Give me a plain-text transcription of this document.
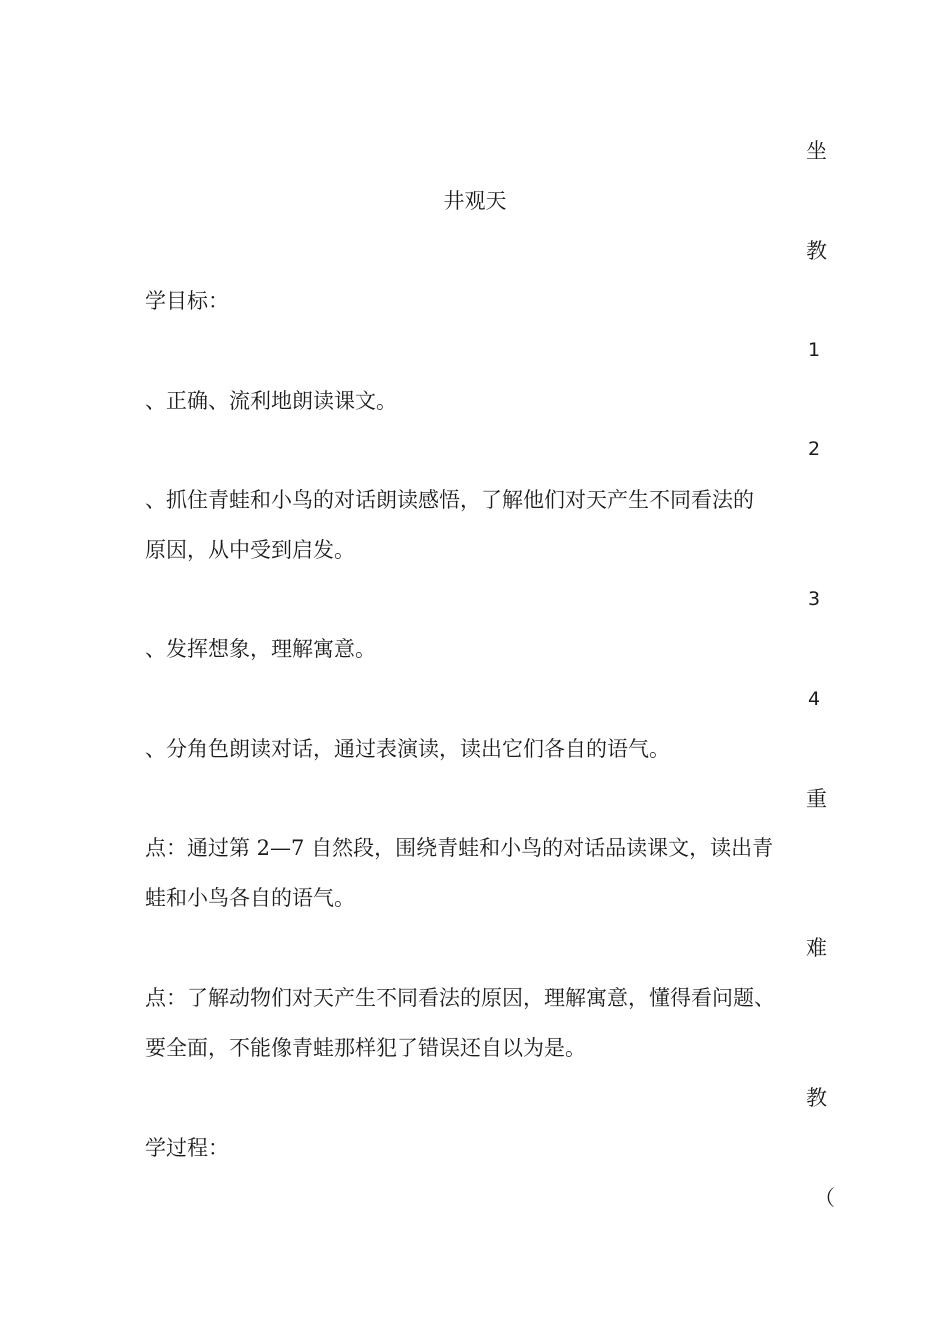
坐
井观天
教
学目标：
1
、正确、流利地朗读课文。
2
、抓住青蛙和小鸟的对话朗读感悟，了解他们对天产生不同看法的
原因，从中受到启发。
3
、发挥想象，理解寓意。
4
、分角色朗读对话，通过表演读，读出它们各自的语气。
重
点：通过第 2—7 自然段，围绕青蛙和小鸟的对话品读课文，读出青
蛙和小鸟各自的语气。
难
点：了解动物们对天产生不同看法的原因，理解寓意，懂得看问题、
要全面，不能像青蛙那样犯了错误还自以为是。
教
学过程：
（
